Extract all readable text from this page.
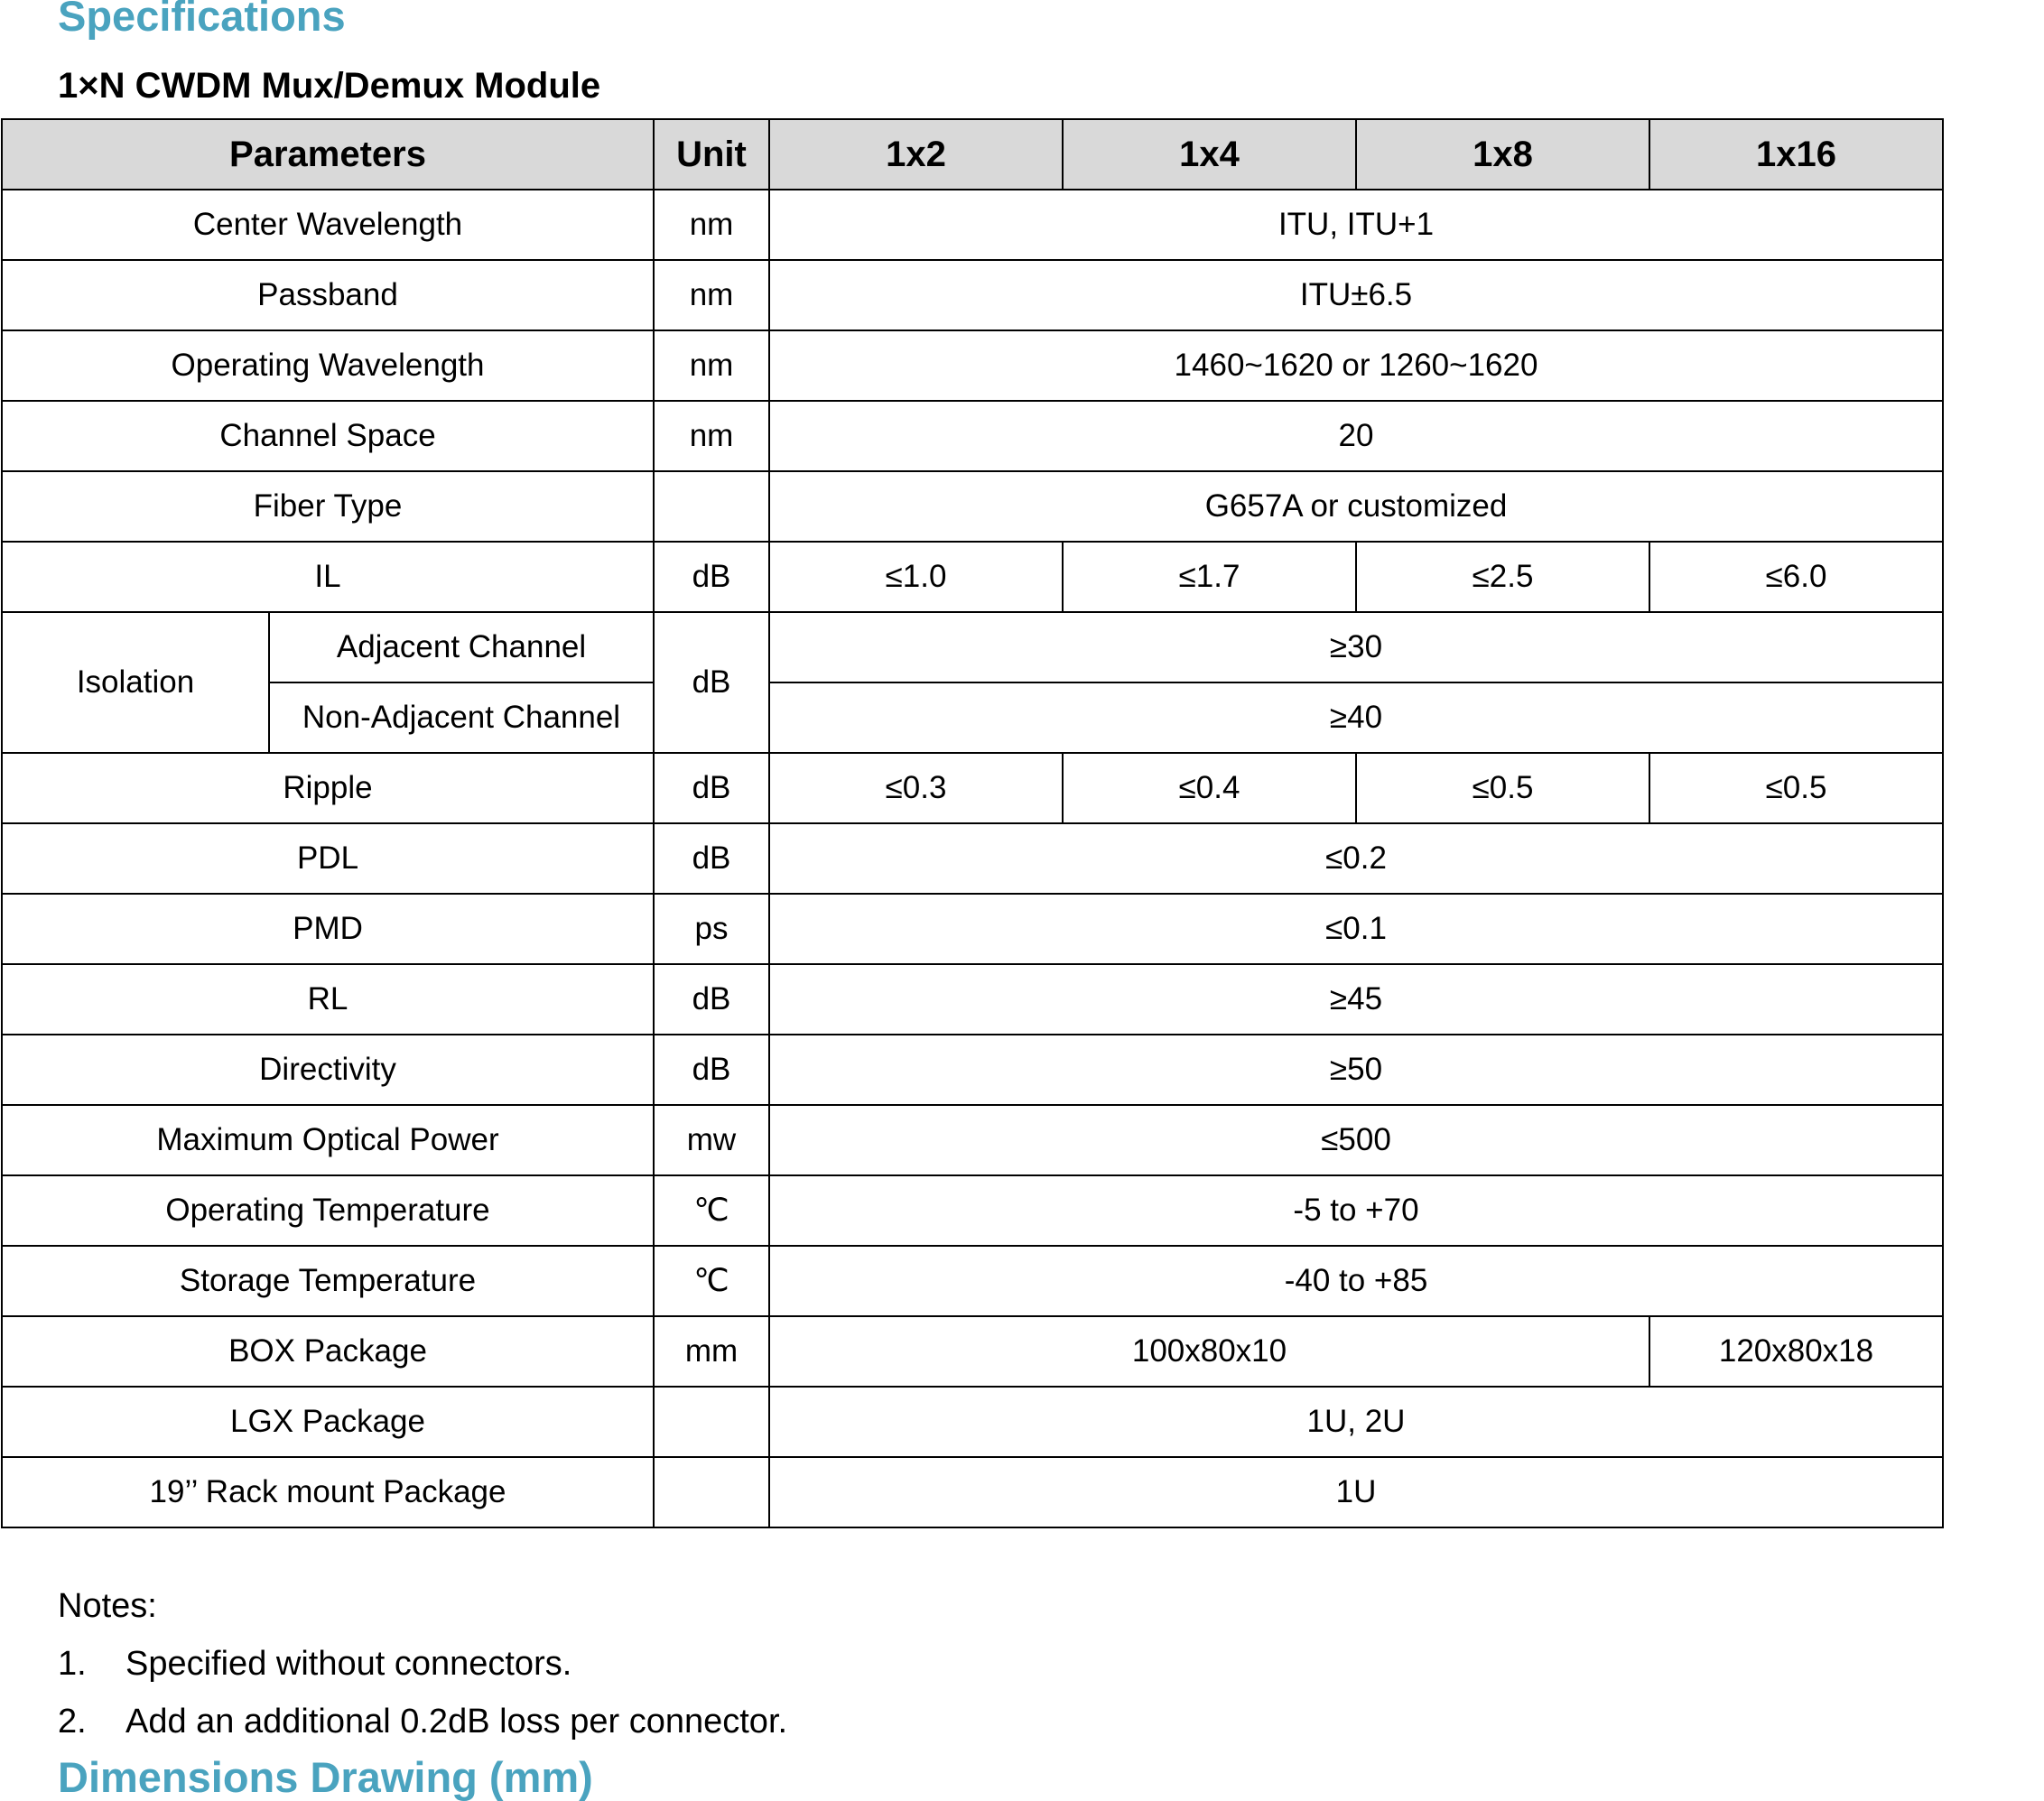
Specifications
1×N CWDM Mux/Demux Module
Parameters		Unit	1x2	1x4	1x8	1x16
Center Wavelength		nm	ITU, ITU+1			
Passband		nm	ITU±6.5			
Operating Wavelength		nm	1460~1620 or 1260~1620			
Channel Space		nm	20			
Fiber Type			G657A or customized			
IL		dB	≤1.0	≤1.7	≤2.5	≤6.0
Isolation	Adjacent Channel	dB	≥30			
	Non-Adjacent Channel		≥40			
Ripple		dB	≤0.3	≤0.4	≤0.5	≤0.5
PDL		dB	≤0.2			
PMD		ps	≤0.1			
RL		dB	≥45			
Directivity		dB	≥50			
Maximum Optical Power		mw	≤500			
Operating Temperature		℃	-5 to +70			
Storage Temperature		℃	-40 to +85			
BOX Package		mm	100x80x10			120x80x18
LGX Package			1U, 2U			
19’’ Rack mount Package			1U			
Notes:
1.	Specified without connectors.
2.	Add an additional 0.2dB loss per connector.
Dimensions Drawing (mm)
